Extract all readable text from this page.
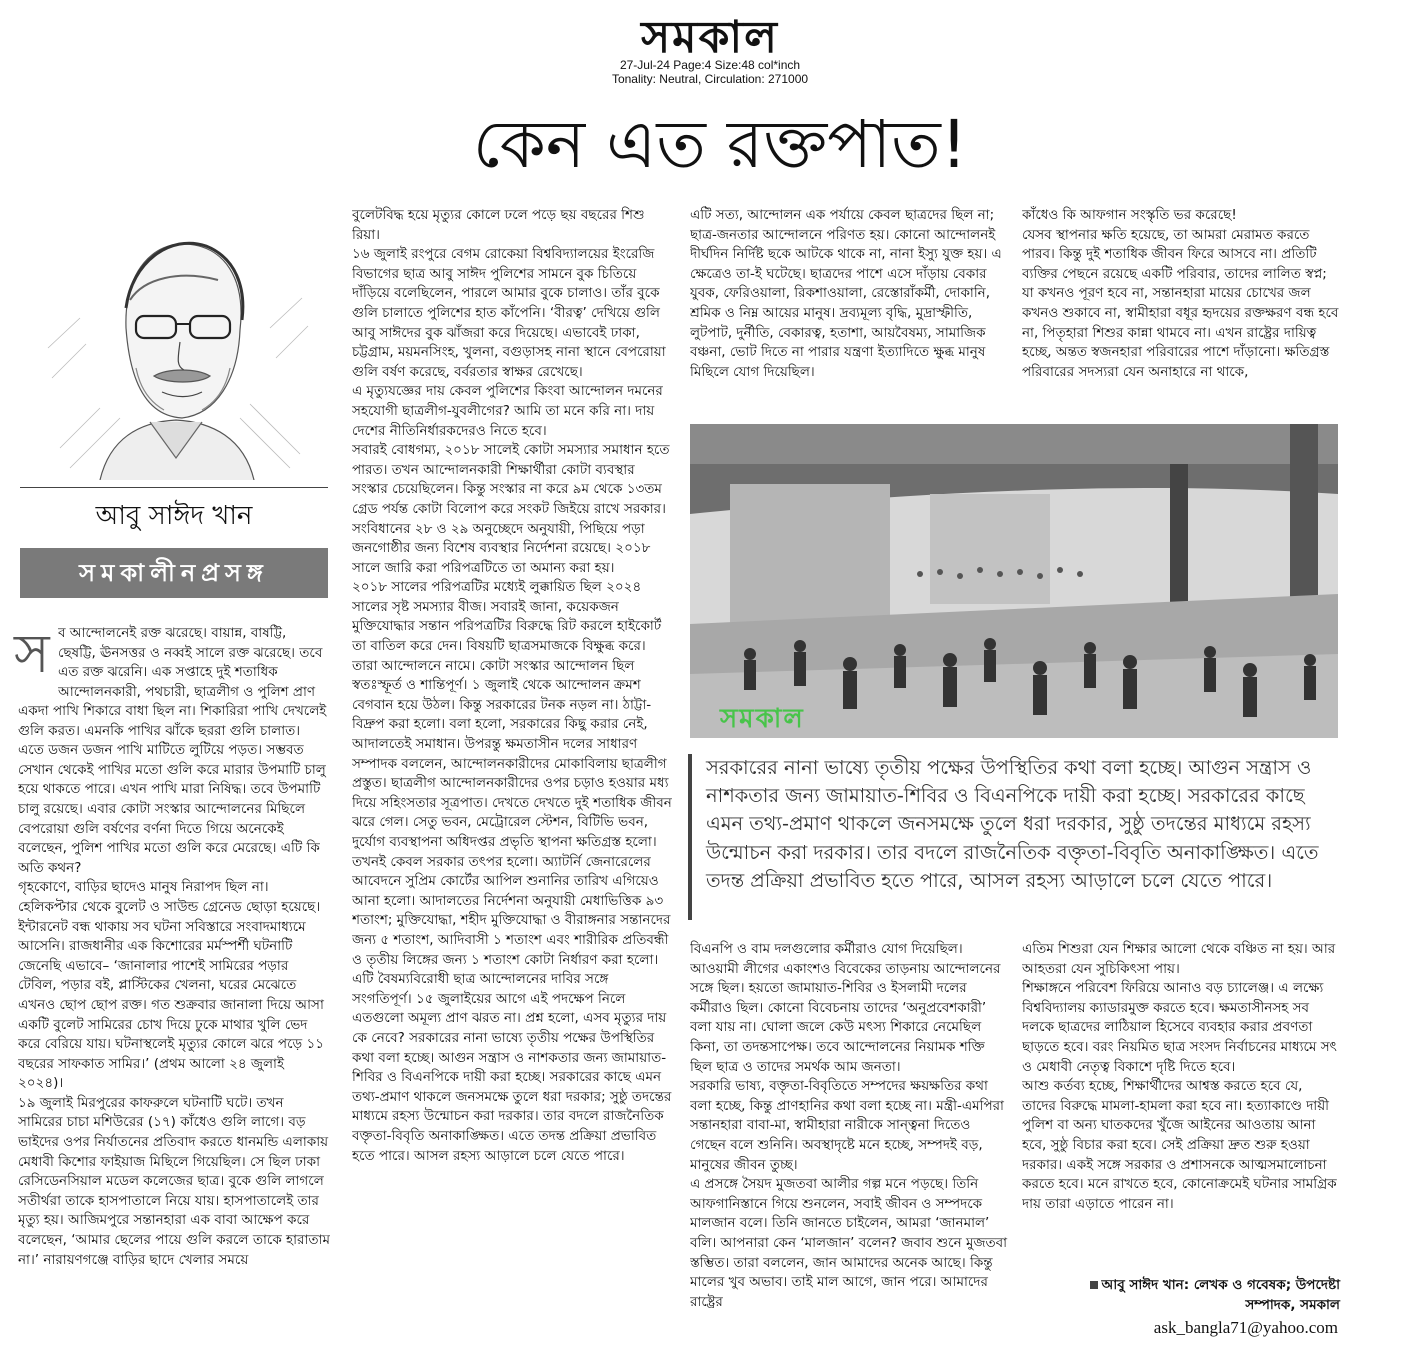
সমকাল
27-Jul-24 Page:4 Size:48 col*inch
Tonality: Neutral, Circulation: 271000
কেন এত রক্তপাত!
আবু সাঈদ খান
সমকালীনপ্রসঙ্গ
স ব আন্দোলনেই রক্ত ঝরেছে। বায়ান্ন, বাষট্টি, ছেষট্টি, ঊনসত্তর ও নব্বই সালে রক্ত ঝরেছে। তবে এত রক্ত ঝরেনি। এক সপ্তাহে দুই শতাধিক আন্দোলনকারী, পথচারী, ছাত্রলীগ ও পুলিশ প্রাণ

একদা পাখি শিকারে বাধা ছিল না। শিকারিরা পাখি দেখলেই গুলি করত। এমনকি পাখির ঝাঁকে ছররা গুলি চালাত। এতে ডজন ডজন পাখি মাটিতে লুটিয়ে পড়ত। সম্ভবত সেখান থেকেই পাখির মতো গুলি করে মারার উপমাটি চালু হয়ে থাকতে পারে। এখন পাখি মারা নিষিদ্ধ। তবে উপমাটি চালু রয়েছে। এবার কোটা সংস্কার আন্দোলনের মিছিলে বেপরোয়া গুলি বর্ষণের বর্ণনা দিতে গিয়ে অনেকেই বলেছেন, পুলিশ পাখির মতো গুলি করে মেরেছে। এটি কি অতি কথন?

গৃহকোণে, বাড়ির ছাদেও মানুষ নিরাপদ ছিল না। হেলিকপ্টার থেকে বুলেট ও সাউন্ড গ্রেনেড ছোড়া হয়েছে। ইন্টারনেট বন্ধ থাকায় সব ঘটনা সবিস্তারে সংবাদমাধ্যমে আসেনি। রাজধানীর এক কিশোরের মর্মস্পর্শী ঘটনাটি জেনেছি এভাবে– ‘জানালার পাশেই সামিরের পড়ার টেবিল, পড়ার বই, প্লাস্টিকের খেলনা, ঘরের মেঝেতে এখনও ছোপ ছোপ রক্ত। গত শুক্রবার জানালা দিয়ে আসা একটি বুলেট সামিরের চোখ দিয়ে ঢুকে মাথার খুলি ভেদ করে বেরিয়ে যায়। ঘটনাস্থলেই মৃত্যুর কোলে ঝরে পড়ে ১১ বছরের সাফকাত সামির।’ (প্রথম আলো ২৪ জুলাই ২০২৪)।

১৯ জুলাই মিরপুরের কাফরুলে ঘটনাটি ঘটে। তখন সামিরের চাচা মশিউরের (১৭) কাঁধেও গুলি লাগে। বড় ভাইদের ওপর নির্যাতনের প্রতিবাদ করতে ধানমন্ডি এলাকায় মেধাবী কিশোর ফাইয়াজ মিছিলে গিয়েছিল। সে ছিল ঢাকা রেসিডেনসিয়াল মডেল কলেজের ছাত্র। বুকে গুলি লাগলে সতীর্থরা তাকে হাসপাতালে নিয়ে যায়। হাসপাতালেই তার মৃত্যু হয়। আজিমপুরে সন্তানহারা এক বাবা আক্ষেপ করে বলেছেন, ‘আমার ছেলের পায়ে গুলি করলে তাকে হারাতাম না।’ নারায়ণগঞ্জে বাড়ির ছাদে খেলার সময়ে

বুলেটবিদ্ধ হয়ে মৃত্যুর কোলে ঢলে পড়ে ছয় বছরের শিশু রিয়া।

১৬ জুলাই রংপুরে বেগম রোকেয়া বিশ্ববিদ্যালয়ের ইংরেজি বিভাগের ছাত্র আবু সাঈদ পুলিশের সামনে বুক চিতিয়ে দাঁড়িয়ে বলেছিলেন, পারলে আমার বুকে চালাও। তাঁর বুকে গুলি চালাতে পুলিশের হাত কাঁপেনি। ‘বীরত্ব’ দেখিয়ে গুলি আবু সাঈদের বুক ঝাঁজরা করে দিয়েছে। এভাবেই ঢাকা, চট্টগ্রাম, ময়মনসিংহ, খুলনা, বগুড়াসহ নানা স্থানে বেপরোয়া গুলি বর্ষণ করেছে, বর্বরতার স্বাক্ষর রেখেছে।

এ মৃত্যুযজ্ঞের দায় কেবল পুলিশের কিংবা আন্দোলন দমনের সহযোগী ছাত্রলীগ-যুবলীগের? আমি তা মনে করি না। দায় দেশের নীতিনির্ধারকদেরও নিতে হবে।

সবারই বোধগম্য, ২০১৮ সালেই কোটা সমস্যার সমাধান হতে পারত। তখন আন্দোলনকারী শিক্ষার্থীরা কোটা ব্যবস্থার সংস্কার চেয়েছিলেন। কিন্তু সংস্কার না করে ৯ম থেকে ১৩তম গ্রেড পর্যন্ত কোটা বিলোপ করে সংকট জিইয়ে রাখে সরকার। সংবিধানের ২৮ ও ২৯ অনুচ্ছেদে অনুযায়ী, পিছিয়ে পড়া জনগোষ্ঠীর জন্য বিশেষ ব্যবস্থার নির্দেশনা রয়েছে। ২০১৮ সালে জারি করা পরিপত্রটিতে তা অমান্য করা হয়।

২০১৮ সালের পরিপত্রটির মধ্যেই লুক্কায়িত ছিল ২০২৪ সালের সৃষ্ট সমস্যার বীজ। সবারই জানা, কয়েকজন মুক্তিযোদ্ধার সন্তান পরিপত্রটির বিরুদ্ধে রিট করলে হাইকোর্ট তা বাতিল করে দেন। বিষয়টি ছাত্রসমাজকে বিক্ষুব্ধ করে। তারা আন্দোলনে নামে। কোটা সংস্কার আন্দোলন ছিল স্বতঃস্ফূর্ত ও শান্তিপূর্ণ। ১ জুলাই থেকে আন্দোলন ক্রমশ বেগবান হয়ে উঠল। কিন্তু সরকারের টনক নড়ল না। ঠাট্টা-বিদ্রুপ করা হলো। বলা হলো, সরকারের কিছু করার নেই, আদালতেই সমাধান। উপরন্তু ক্ষমতাসীন দলের সাধারণ সম্পাদক বললেন, আন্দোলনকারীদের মোকাবিলায় ছাত্রলীগ প্রস্তুত। ছাত্রলীগ আন্দোলনকারীদের ওপর চড়াও হওয়ার মধ্য দিয়ে সহিংসতার সূত্রপাত। দেখতে দেখতে দুই শতাধিক জীবন ঝরে গেল। সেতু ভবন, মেট্রোরেল স্টেশন, বিটিভি ভবন, দুর্যোগ ব্যবস্থাপনা অধিদপ্তর প্রভৃতি স্থাপনা ক্ষতিগ্রস্ত হলো। তখনই কেবল সরকার তৎপর হলো। অ্যাটর্নি জেনারেলের আবেদনে সুপ্রিম কোর্টের আপিল শুনানির তারিখ এগিয়েও আনা হলো। আদালতের নির্দেশনা অনুযায়ী মেধাভিত্তিক ৯৩ শতাংশ; মুক্তিযোদ্ধা, শহীদ মুক্তিযোদ্ধা ও বীরাঙ্গনার সন্তানদের জন্য ৫ শতাংশ, আদিবাসী ১ শতাংশ এবং শারীরিক প্রতিবন্ধী ও তৃতীয় লিঙ্গের জন্য ১ শতাংশ কোটা নির্ধারণ করা হলো। এটি বৈষম্যবিরোধী ছাত্র আন্দোলনের দাবির সঙ্গে সংগতিপূর্ণ। ১৫ জুলাইয়ের আগে এই পদক্ষেপ নিলে এতগুলো অমূল্য প্রাণ ঝরত না। প্রশ্ন হলো, এসব মৃত্যুর দায় কে নেবে? সরকারের নানা ভাষ্যে তৃতীয় পক্ষের উপস্থিতির কথা বলা হচ্ছে। আগুন সন্ত্রাস ও নাশকতার জন্য জামায়াত-শিবির ও বিএনপিকে দায়ী করা হচ্ছে। সরকারের কাছে এমন তথ্য-প্রমাণ থাকলে জনসমক্ষে তুলে ধরা দরকার; সুষ্ঠু তদন্তের মাধ্যমে রহস্য উন্মোচন করা দরকার। তার বদলে রাজনৈতিক বক্তৃতা-বিবৃতি অনাকাঙ্ক্ষিত। এতে তদন্ত প্রক্রিয়া প্রভাবিত হতে পারে। আসল রহস্য আড়ালে চলে যেতে পারে।

এটি সত্য, আন্দোলন এক পর্যায়ে কেবল ছাত্রদের ছিল না; ছাত্র-জনতার আন্দোলনে পরিণত হয়। কোনো আন্দোলনই দীর্ঘদিন নির্দিষ্ট ছকে আটকে থাকে না, নানা ইস্যু যুক্ত হয়। এ ক্ষেত্রেও তা-ই ঘটেছে। ছাত্রদের পাশে এসে দাঁড়ায় বেকার যুবক, ফেরিওয়ালা, রিকশাওয়ালা, রেস্তোরাঁকর্মী, দোকানি, শ্রমিক ও নিম্ন আয়ের মানুষ। দ্রব্যমূল্য বৃদ্ধি, মুদ্রাস্ফীতি, লুটপাট, দুর্নীতি, বেকারত্ব, হতাশা, আয়বৈষম্য, সামাজিক বঞ্চনা, ভোট দিতে না পারার যন্ত্রণা ইত্যাদিতে ক্ষুব্ধ মানুষ মিছিলে যোগ দিয়েছিল।

কাঁধেও কি আফগান সংস্কৃতি ভর করেছে!

যেসব স্থাপনার ক্ষতি হয়েছে, তা আমরা মেরামত করতে পারব। কিন্তু দুই শতাধিক জীবন ফিরে আসবে না। প্রতিটি ব্যক্তির পেছনে রয়েছে একটি পরিবার, তাদের লালিত স্বপ্ন; যা কখনও পূরণ হবে না, সন্তানহারা মায়ের চোখের জল কখনও শুকাবে না, স্বামীহারা বধূর হৃদয়ের রক্তক্ষরণ বন্ধ হবে না, পিতৃহারা শিশুর কান্না থামবে না। এখন রাষ্ট্রের দায়িত্ব হচ্ছে, অন্তত স্বজনহারা পরিবারের পাশে দাঁড়ানো। ক্ষতিগ্রস্ত পরিবারের সদস্যরা যেন অনাহারে না থাকে,

সমকাল
সরকারের নানা ভাষ্যে তৃতীয় পক্ষের উপস্থিতির কথা বলা হচ্ছে। আগুন সন্ত্রাস ও নাশকতার জন্য জামায়াত-শিবির ও বিএনপিকে দায়ী করা হচ্ছে। সরকারের কাছে এমন তথ্য-প্রমাণ থাকলে জনসমক্ষে তুলে ধরা দরকার, সুষ্ঠু তদন্তের মাধ্যমে রহস্য উন্মোচন করা দরকার। তার বদলে রাজনৈতিক বক্তৃতা-বিবৃতি অনাকাঙ্ক্ষিত। এতে তদন্ত প্রক্রিয়া প্রভাবিত হতে পারে, আসল রহস্য আড়ালে চলে যেতে পারে।

বিএনপি ও বাম দলগুলোর কর্মীরাও যোগ দিয়েছিল। আওয়ামী লীগের একাংশও বিবেকের তাড়নায় আন্দোলনের সঙ্গে ছিল। হয়তো জামায়াত-শিবির ও ইসলামী দলের কর্মীরাও ছিল। কোনো বিবেচনায় তাদের ‘অনুপ্রবেশকারী’ বলা যায় না। ঘোলা জলে কেউ মৎস্য শিকারে নেমেছিল কিনা, তা তদন্তসাপেক্ষ। তবে আন্দোলনের নিয়ামক শক্তি ছিল ছাত্র ও তাদের সমর্থক আম জনতা।

সরকারি ভাষ্য, বক্তৃতা-বিবৃতিতে সম্পদের ক্ষয়ক্ষতির কথা বলা হচ্ছে, কিন্তু প্রাণহানির কথা বলা হচ্ছে না। মন্ত্রী-এমপিরা সন্তানহারা বাবা-মা, স্বামীহারা নারীকে সান্ত্বনা দিতেও গেছেন বলে শুনিনি। অবস্থাদৃষ্টে মনে হচ্ছে, সম্পদই বড়, মানুষের জীবন তুচ্ছ।

এ প্রসঙ্গে সৈয়দ মুজতবা আলীর গল্প মনে পড়ছে। তিনি আফগানিস্তানে গিয়ে শুনলেন, সবাই জীবন ও সম্পদকে মালজান বলে। তিনি জানতে চাইলেন, আমরা ‘জানমাল’ বলি। আপনারা কেন ‘মালজান’ বলেন? জবাব শুনে মুজতবা স্তম্ভিত। তারা বললেন, জান আমাদের অনেক আছে। কিন্তু মালের খুব অভাব। তাই মাল আগে, জান পরে। আমাদের রাষ্ট্রের

এতিম শিশুরা যেন শিক্ষার আলো থেকে বঞ্চিত না হয়। আর আহতরা যেন সুচিকিৎসা পায়।

শিক্ষাঙ্গনে পরিবেশ ফিরিয়ে আনাও বড় চ্যালেঞ্জ। এ লক্ষ্যে বিশ্ববিদ্যালয় ক্যাডারমুক্ত করতে হবে। ক্ষমতাসীনসহ সব দলকে ছাত্রদের লাঠিয়াল হিসেবে ব্যবহার করার প্রবণতা ছাড়তে হবে। বরং নিয়মিত ছাত্র সংসদ নির্বাচনের মাধ্যমে সৎ ও মেধাবী নেতৃত্ব বিকাশে দৃষ্টি দিতে হবে।

আশু কর্তব্য হচ্ছে, শিক্ষার্থীদের আশ্বস্ত করতে হবে যে, তাদের বিরুদ্ধে মামলা-হামলা করা হবে না। হত্যাকাণ্ডে দায়ী পুলিশ বা অন্য ঘাতকদের খুঁজে আইনের আওতায় আনা হবে, সুষ্ঠু বিচার করা হবে। সেই প্রক্রিয়া দ্রুত শুরু হওয়া দরকার। একই সঙ্গে সরকার ও প্রশাসনকে আত্মসমালোচনা করতে হবে। মনে রাখতে হবে, কোনোক্রমেই ঘটনার সামগ্রিক দায় তারা এড়াতে পারেন না।

আবু সাঈদ খান: লেখক ও গবেষক; উপদেষ্টা
সম্পাদক, সমকাল
ask_bangla71@yahoo.com
